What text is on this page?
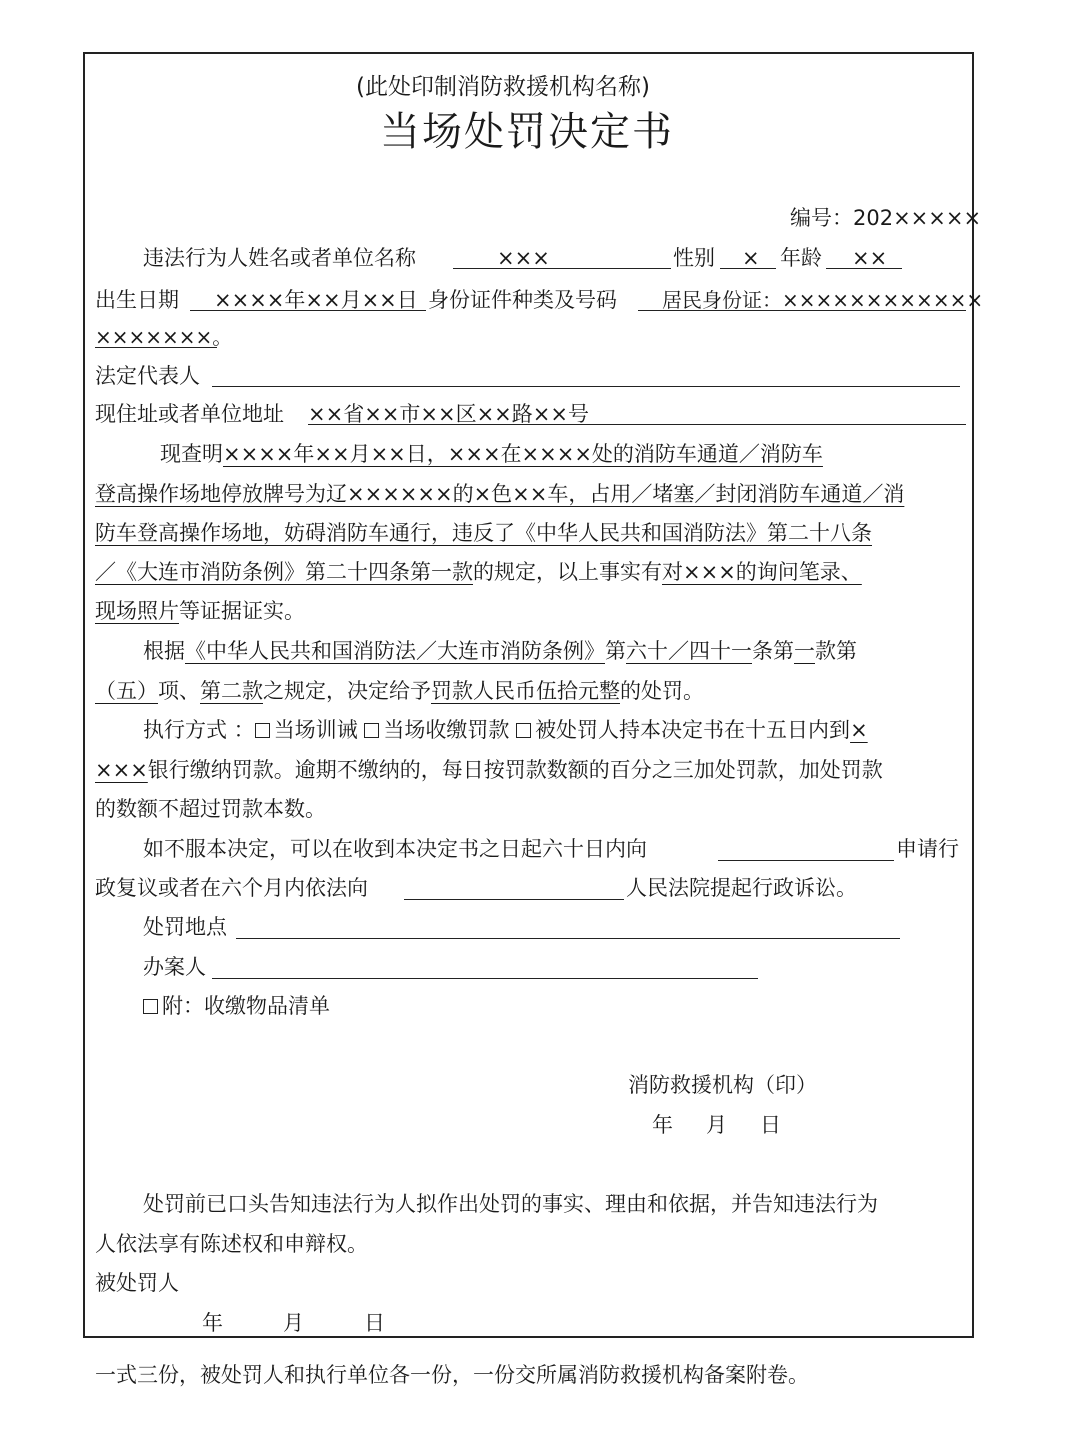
(此处印制消防救援机构名称)
当场处罚决定书
编号：202×××××
违法行为人姓名或者单位名称	×××	性别 × 年龄 ××
出生日期 ××××年××月××日 身份证件种类及号码 居民身份证：××××××××××××
×××××××。
法定代表人
现住址或者单位地址 ××省××市××区××路××号
现查明××××年××月××日，×××在××××处的消防车通道／消防车
登高操作场地停放牌号为辽××××××的×色××车，占用／堵塞／封闭消防车通道／消
防车登高操作场地，妨碍消防车通行，违反了《中华人民共和国消防法》第二十八条
／《大连市消防条例》第二十四条第一款的规定，以上事实有对×××的询问笔录、
现场照片等证据证实。
根据《中华人民共和国消防法／大连市消防条例》第六十／四十一条第一款第
（五）项、第二款之规定，决定给予罚款人民币伍拾元整的处罚。
执行方式 ： 当场训诫 当场收缴罚款 被处罚人持本决定书在十五日内到×
×××银行缴纳罚款。逾期不缴纳的，每日按罚款数额的百分之三加处罚款，加处罚款
的数额不超过罚款本数。
如不服本决定，可以在收到本决定书之日起六十日内向	申请行
政复议或者在六个月内依法向	人民法院提起行政诉讼。
处罚地点
办案人
附：收缴物品清单
消防救援机构（印）
年　月　日
处罚前已口头告知违法行为人拟作出处罚的事实、理由和依据，并告知违法行为
人依法享有陈述权和申辩权。
被处罚人
年　　月　　日
一式三份，被处罚人和执行单位各一份，一份交所属消防救援机构备案附卷。
